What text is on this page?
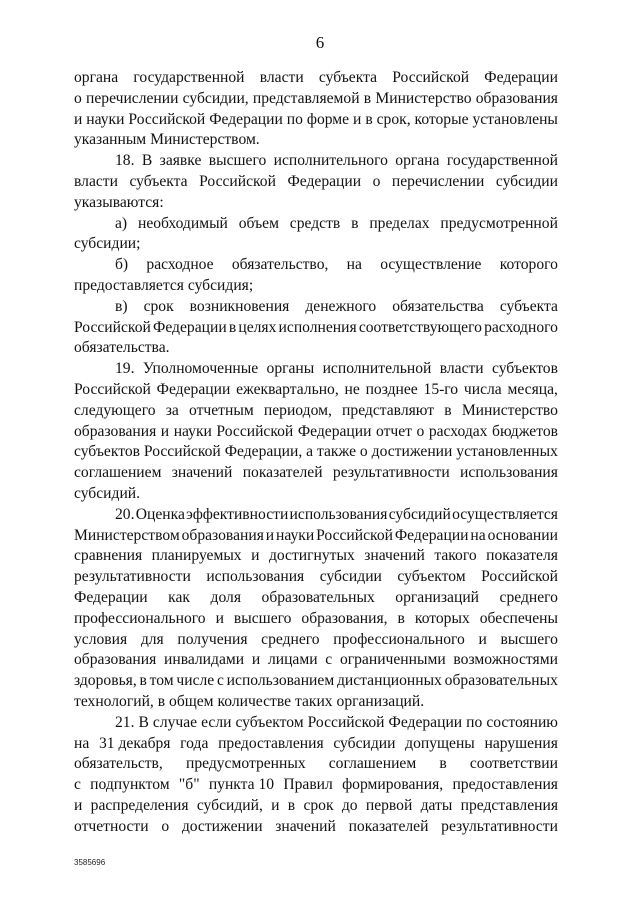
6
органа государственной власти субъекта Российской Федерации
о перечислении субсидии, представляемой в Министерство образования
и науки Российской Федерации по форме и в срок, которые установлены
указанным Министерством.
18. В заявке высшего исполнительного органа государственной
власти субъекта Российской Федерации о перечислении субсидии
указываются:
а) необходимый объем средств в пределах предусмотренной
субсидии;
б) расходное обязательство, на осуществление которого
предоставляется субсидия;
в) срок возникновения денежного обязательства субъекта
Российской Федерации в целях исполнения соответствующего расходного
обязательства.
19. Уполномоченные органы исполнительной власти субъектов
Российской Федерации ежеквартально, не позднее 15-го числа месяца,
следующего за отчетным периодом, представляют в Министерство
образования и науки Российской Федерации отчет о расходах бюджетов
субъектов Российской Федерации, а также о достижении установленных
соглашением значений показателей результативности использования
субсидий.
20. Оценка эффективности использования субсидий осуществляется
Министерством образования и науки Российской Федерации на основании
сравнения планируемых и достигнутых значений такого показателя
результативности использования субсидии субъектом Российской
Федерации как доля образовательных организаций среднего
профессионального и высшего образования, в которых обеспечены
условия для получения среднего профессионального и высшего
образования инвалидами и лицами с ограниченными возможностями
здоровья, в том числе с использованием дистанционных образовательных
технологий, в общем количестве таких организаций.
21. В случае если субъектом Российской Федерации по состоянию
на 31 декабря года предоставления субсидии допущены нарушения
обязательств, предусмотренных соглашением в соответствии
с подпунктом "б" пункта 10 Правил формирования, предоставления
и распределения субсидий, и в срок до первой даты представления
отчетности о достижении значений показателей результативности
3585696
